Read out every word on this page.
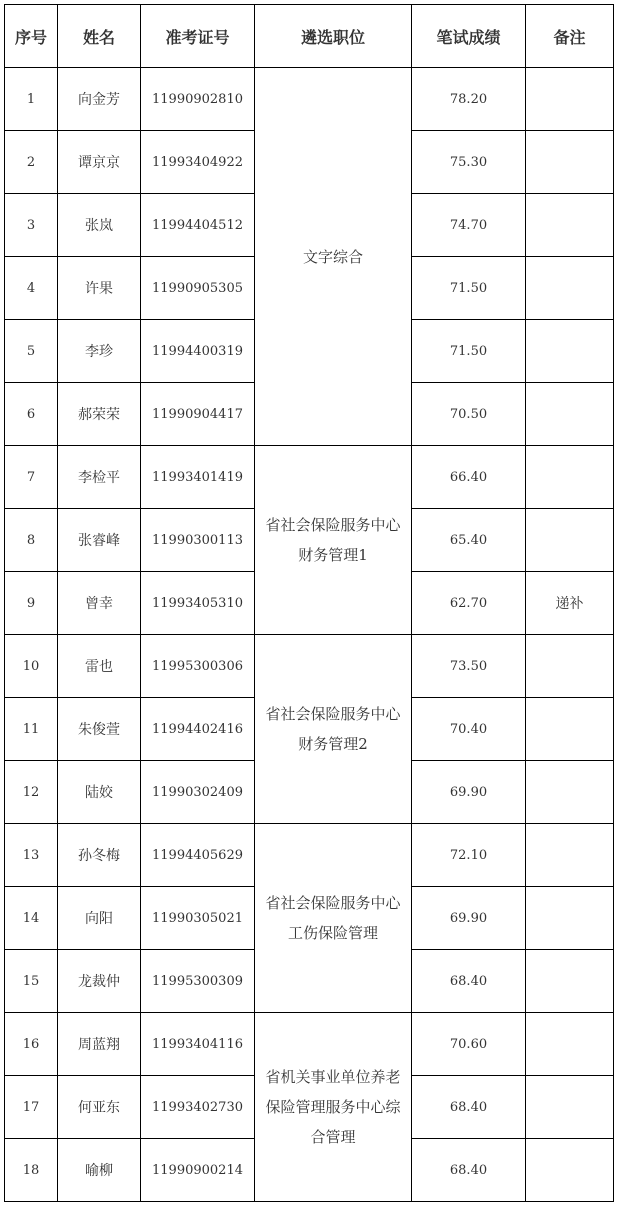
序号	姓名	准考证号	遴选职位	笔试成绩	备注
1	向金芳	11990902810	文字综合	78.20	
2	谭京京	11993404922		75.30	
3	张岚	11994404512		74.70	
4	许果	11990905305		71.50	
5	李珍	11994400319		71.50	
6	郝荣荣	11990904417		70.50	
7	李检平	11993401419	省社会保险服务中心财务管理1	66.40	
8	张睿峰	11990300113		65.40	
9	曾幸	11993405310		62.70	递补
10	雷也	11995300306	省社会保险服务中心财务管理2	73.50	
11	朱俊萱	11994402416		70.40	
12	陆姣	11990302409		69.90	
13	孙冬梅	11994405629	省社会保险服务中心工伤保险管理	72.10	
14	向阳	11990305021		69.90	
15	龙裁仲	11995300309		68.40	
16	周蓝翔	11993404116	省机关事业单位养老保险管理服务中心综合管理	70.60	
17	何亚东	11993402730		68.40	
18	喻柳	11990900214		68.40	
